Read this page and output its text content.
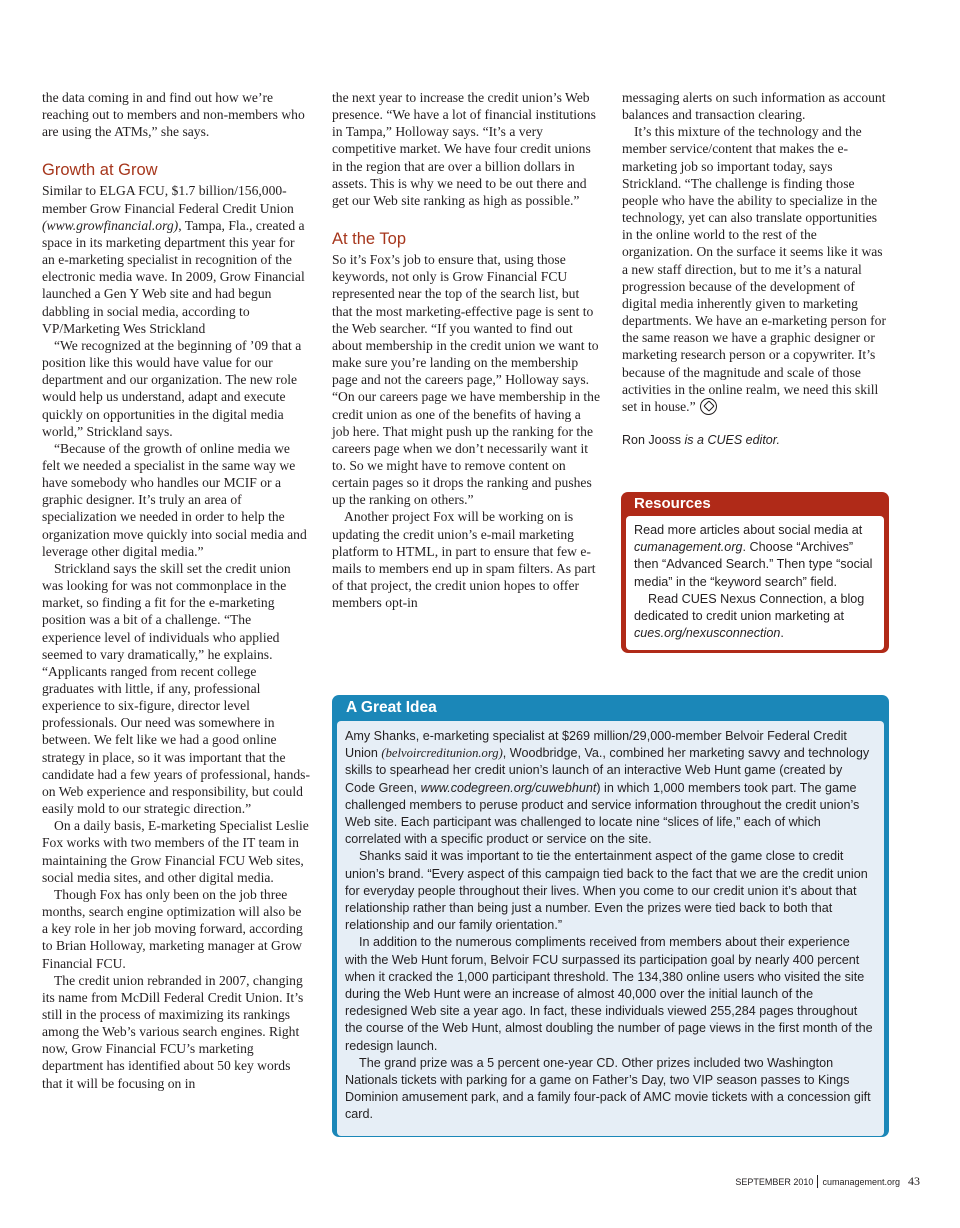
the data coming in and find out how we’re reaching out to members and non-members who are using the ATMs,” she says.

Growth at Grow

Similar to ELGA FCU, $1.7 billion/156,000-member Grow Financial Federal Credit Union (www.growfinancial.org), Tampa, Fla., created a space in its marketing department this year for an e-marketing specialist in recognition of the electronic media wave. In 2009, Grow Financial launched a Gen Y Web site and had begun dabbling in social media, according to VP/Marketing Wes Strickland

“We recognized at the beginning of ’09 that a position like this would have value for our department and our organization. The new role would help us understand, adapt and execute quickly on opportunities in the digital media world,” Strickland says.

“Because of the growth of online media we felt we needed a specialist in the same way we have somebody who handles our MCIF or a graphic designer. It’s truly an area of specialization we needed in order to help the organization move quickly into social media and leverage other digital media.”

Strickland says the skill set the credit union was looking for was not commonplace in the market, so finding a fit for the e-marketing position was a bit of a challenge. “The experience level of individuals who applied seemed to vary dramatically,” he explains. “Applicants ranged from recent college graduates with little, if any, professional experience to six-figure, director level professionals. Our need was somewhere in between. We felt like we had a good online strategy in place, so it was important that the candidate had a few years of professional, hands-on Web experience and responsibility, but could easily mold to our strategic direction.”

On a daily basis, E-marketing Specialist Leslie Fox works with two members of the IT team in maintaining the Grow Financial FCU Web sites, social media sites, and other digital media.

Though Fox has only been on the job three months, search engine optimization will also be a key role in her job moving forward, according to Brian Holloway, marketing manager at Grow Financial FCU.

The credit union rebranded in 2007, changing its name from McDill Federal Credit Union. It’s still in the process of maximizing its rankings among the Web’s various search engines. Right now, Grow Financial FCU’s marketing department has identified about 50 key words that it will be focusing on in

the next year to increase the credit union’s Web presence. “We have a lot of financial institutions in Tampa,” Holloway says. “It’s a very competitive market. We have four credit unions in the region that are over a billion dollars in assets. This is why we need to be out there and get our Web site ranking as high as possible.”

At the Top

So it’s Fox’s job to ensure that, using those keywords, not only is Grow Financial FCU represented near the top of the search list, but that the most marketing-effective page is sent to the Web searcher. “If you wanted to find out about membership in the credit union we want to make sure you’re landing on the membership page and not the careers page,” Holloway says. “On our careers page we have membership in the credit union as one of the benefits of having a job here. That might push up the ranking for the careers page when we don’t necessarily want it to. So we might have to remove content on certain pages so it drops the ranking and pushes up the ranking on others.”

Another project Fox will be working on is updating the credit union’s e-mail marketing platform to HTML, in part to ensure that few e-mails to members end up in spam filters. As part of that project, the credit union hopes to offer members opt-in

messaging alerts on such information as account balances and transaction clearing.

It’s this mixture of the technology and the member service/content that makes the e-marketing job so important today, says Strickland. “The challenge is finding those people who have the ability to specialize in the technology, yet can also translate opportunities in the online world to the rest of the organization. On the surface it seems like it was a new staff direction, but to me it’s a natural progression because of the development of digital media inherently given to marketing departments. We have an e-marketing person for the same reason we have a graphic designer or marketing research person or a copywriter. It’s because of the magnitude and scale of those activities in the online realm, we need this skill set in house.”

Ron Jooss is a CUES editor.
Resources

Read more articles about social media at cumanagement.org. Choose “Archives” then “Advanced Search.” Then type “social media” in the “keyword search” field.

Read CUES Nexus Connection, a blog dedicated to credit union marketing at cues.org/nexusconnection.

A Great Idea

Amy Shanks, e-marketing specialist at $269 million/29,000-member Belvoir Federal Credit Union (belvoircreditunion.org), Woodbridge, Va., combined her marketing savvy and technology skills to spearhead her credit union’s launch of an interactive Web Hunt game (created by Code Green, www.codegreen.org/cuwebhunt) in which 1,000 members took part. The game challenged members to peruse product and service information throughout the credit union’s Web site. Each participant was challenged to locate nine “slices of life,” each of which correlated with a specific product or service on the site.

Shanks said it was important to tie the entertainment aspect of the game close to credit union’s brand. “Every aspect of this campaign tied back to the fact that we are the credit union for everyday people throughout their lives. When you come to our credit union it’s about that relationship rather than being just a number. Even the prizes were tied back to both that relationship and our family orientation.”

In addition to the numerous compliments received from members about their experience with the Web Hunt forum, Belvoir FCU surpassed its participation goal by nearly 400 percent when it cracked the 1,000 participant threshold. The 134,380 online users who visited the site during the Web Hunt were an increase of almost 40,000 over the initial launch of the redesigned Web site a year ago. In fact, these individuals viewed 255,284 pages throughout the course of the Web Hunt, almost doubling the number of page views in the first month of the redesign launch.

The grand prize was a 5 percent one-year CD. Other prizes included two Washington Nationals tickets with parking for a game on Father’s Day, two VIP season passes to Kings Dominion amusement park, and a family four-pack of AMC movie tickets with a concession gift card.

SEPTEMBER 2010 cumanagement.org 43
